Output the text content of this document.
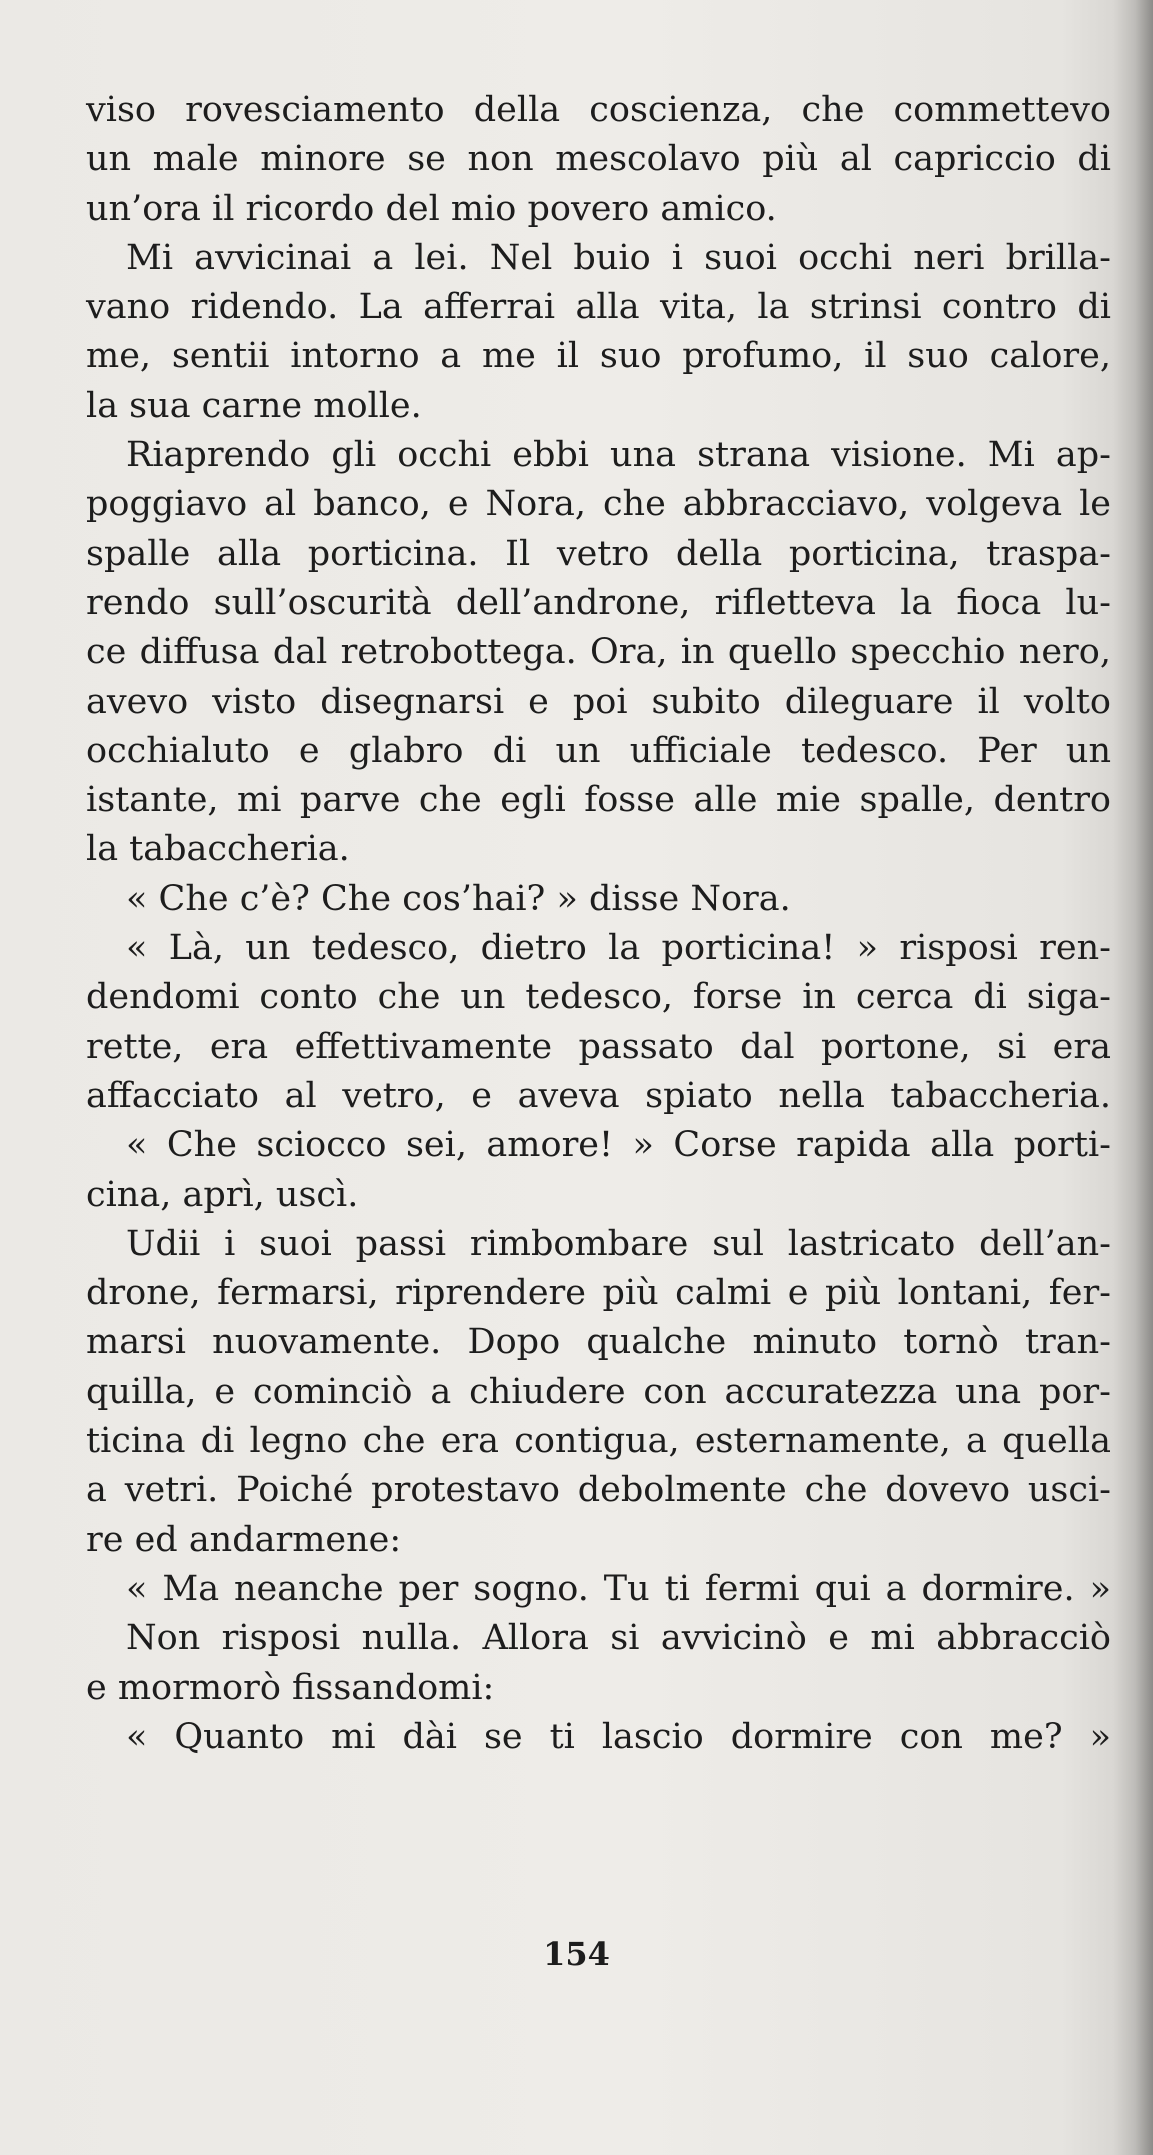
viso rovesciamento della coscienza, che commettevo
un male minore se non mescolavo più al capriccio di
un’ora il ricordo del mio povero amico.
Mi avvicinai a lei. Nel buio i suoi occhi neri brilla-
vano ridendo. La afferrai alla vita, la strinsi contro di
me, sentii intorno a me il suo profumo, il suo calore,
la sua carne molle.
Riaprendo gli occhi ebbi una strana visione. Mi ap-
poggiavo al banco, e Nora, che abbracciavo, volgeva le
spalle alla porticina. Il vetro della porticina, traspa-
rendo sull’oscurità dell’androne, rifletteva la fioca lu-
ce diffusa dal retrobottega. Ora, in quello specchio nero,
avevo visto disegnarsi e poi subito dileguare il volto
occhialuto e glabro di un ufficiale tedesco. Per un
istante, mi parve che egli fosse alle mie spalle, dentro
la tabaccheria.
« Che c’è? Che cos’hai? » disse Nora.
« Là, un tedesco, dietro la porticina! » risposi ren-
dendomi conto che un tedesco, forse in cerca di siga-
rette, era effettivamente passato dal portone, si era
affacciato al vetro, e aveva spiato nella tabaccheria.
« Che sciocco sei, amore! » Corse rapida alla porti-
cina, aprì, uscì.
Udii i suoi passi rimbombare sul lastricato dell’an-
drone, fermarsi, riprendere più calmi e più lontani, fer-
marsi nuovamente. Dopo qualche minuto tornò tran-
quilla, e cominciò a chiudere con accuratezza una por-
ticina di legno che era contigua, esternamente, a quella
a vetri. Poiché protestavo debolmente che dovevo usci-
re ed andarmene:
« Ma neanche per sogno. Tu ti fermi qui a dormire. »
Non risposi nulla. Allora si avvicinò e mi abbracciò
e mormorò fissandomi:
« Quanto mi dài se ti lascio dormire con me? »
154
